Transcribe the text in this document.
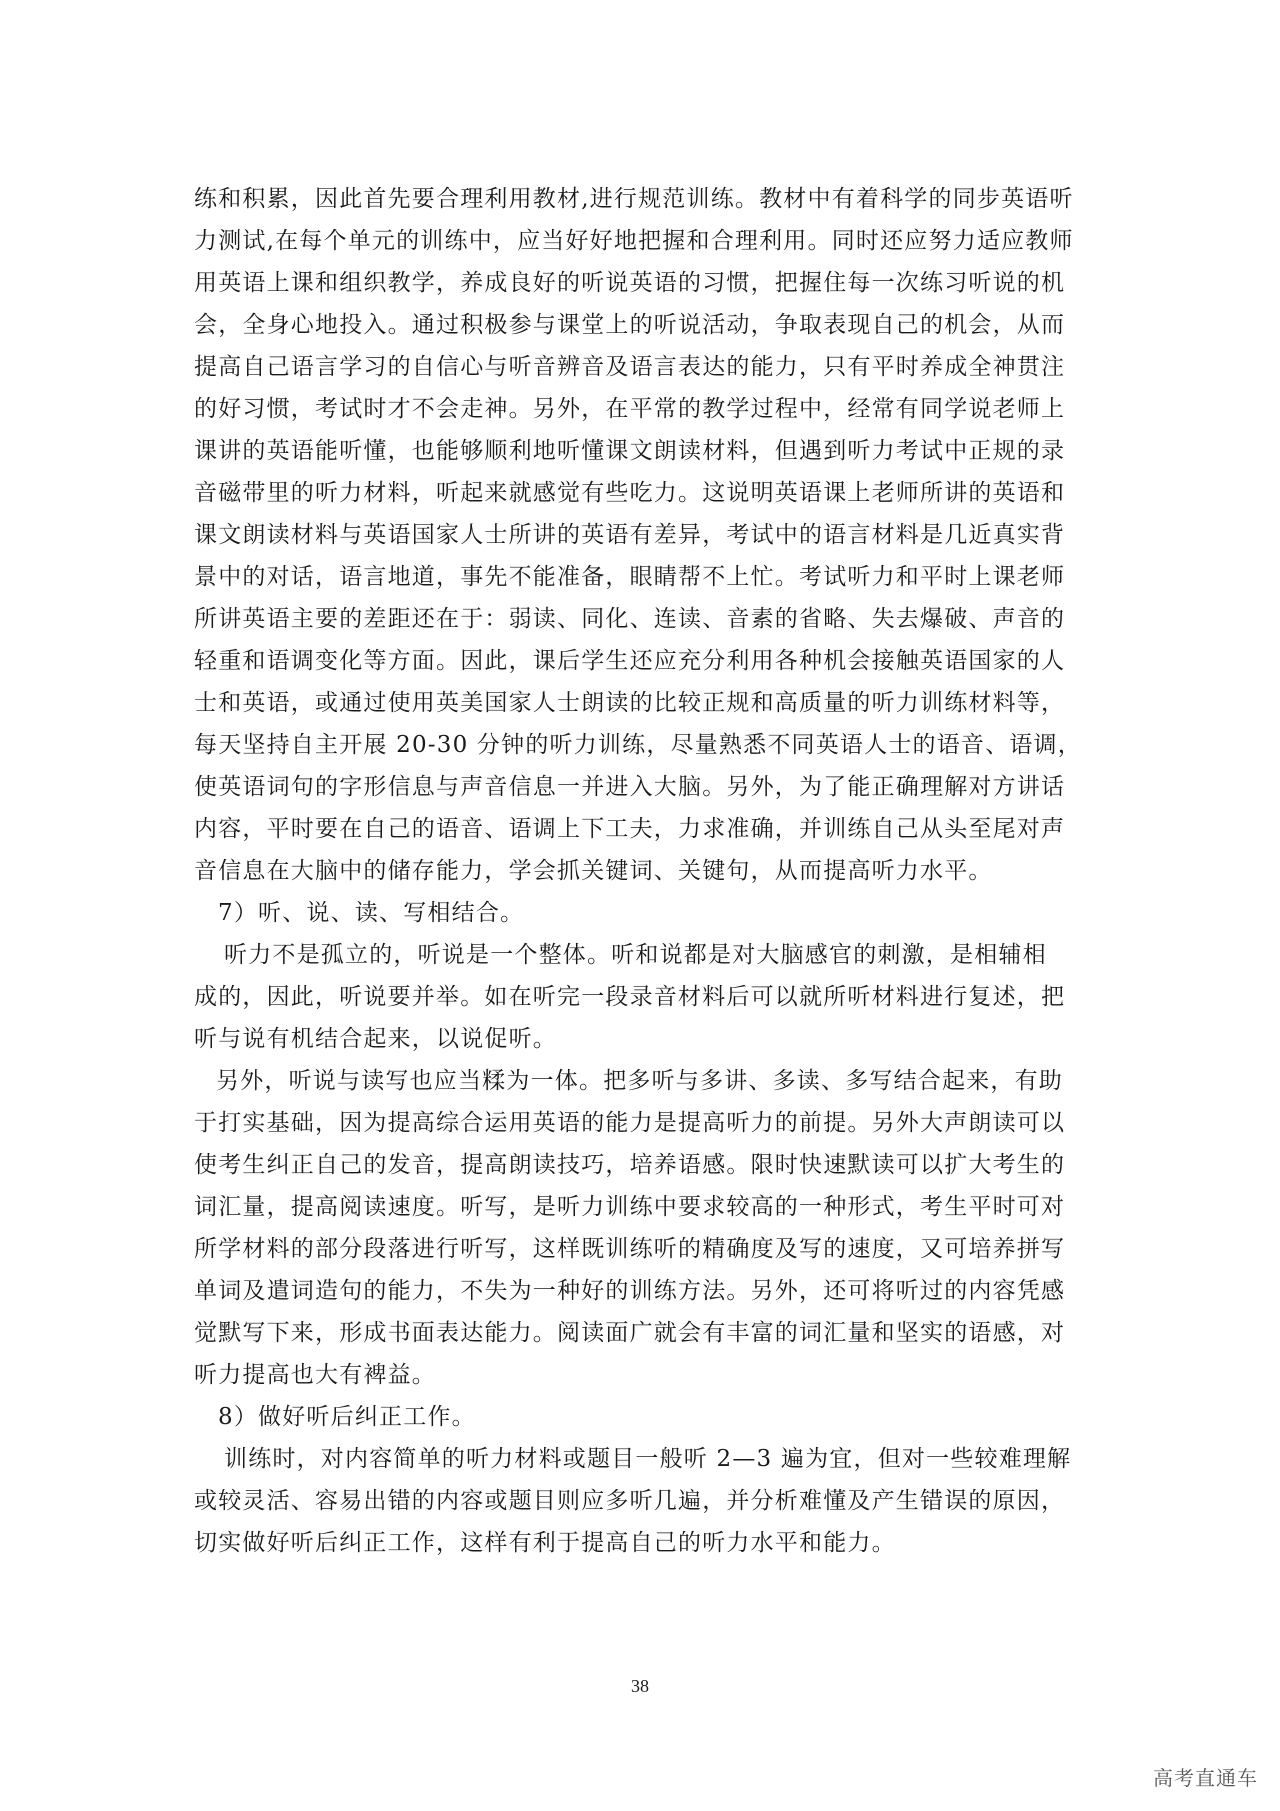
练和积累，因此首先要合理利用教材,进行规范训练。教材中有着科学的同步英语听
力测试,在每个单元的训练中，应当好好地把握和合理利用。同时还应努力适应教师
用英语上课和组织教学，养成良好的听说英语的习惯，把握住每一次练习听说的机
会，全身心地投入。通过积极参与课堂上的听说活动，争取表现自己的机会，从而
提高自己语言学习的自信心与听音辨音及语言表达的能力，只有平时养成全神贯注
的好习惯，考试时才不会走神。另外，在平常的教学过程中，经常有同学说老师上
课讲的英语能听懂，也能够顺利地听懂课文朗读材料，但遇到听力考试中正规的录
音磁带里的听力材料，听起来就感觉有些吃力。这说明英语课上老师所讲的英语和
课文朗读材料与英语国家人士所讲的英语有差异，考试中的语言材料是几近真实背
景中的对话，语言地道，事先不能准备，眼睛帮不上忙。考试听力和平时上课老师
所讲英语主要的差距还在于：弱读、同化、连读、音素的省略、失去爆破、声音的
轻重和语调变化等方面。因此，课后学生还应充分利用各种机会接触英语国家的人
士和英语，或通过使用英美国家人士朗读的比较正规和高质量的听力训练材料等，
每天坚持自主开展 20-30 分钟的听力训练，尽量熟悉不同英语人士的语音、语调，
使英语词句的字形信息与声音信息一并进入大脑。另外，为了能正确理解对方讲话
内容，平时要在自己的语音、语调上下工夫，力求准确，并训练自己从头至尾对声
音信息在大脑中的储存能力，学会抓关键词、关键句，从而提高听力水平。
7）听、说、读、写相结合。
听力不是孤立的，听说是一个整体。听和说都是对大脑感官的刺激，是相辅相
成的，因此，听说要并举。如在听完一段录音材料后可以就所听材料进行复述，把
听与说有机结合起来，以说促听。
另外，听说与读写也应当糅为一体。把多听与多讲、多读、多写结合起来，有助
于打实基础，因为提高综合运用英语的能力是提高听力的前提。另外大声朗读可以
使考生纠正自己的发音，提高朗读技巧，培养语感。限时快速默读可以扩大考生的
词汇量，提高阅读速度。听写，是听力训练中要求较高的一种形式，考生平时可对
所学材料的部分段落进行听写，这样既训练听的精确度及写的速度，又可培养拼写
单词及遣词造句的能力，不失为一种好的训练方法。另外，还可将听过的内容凭感
觉默写下来，形成书面表达能力。阅读面广就会有丰富的词汇量和坚实的语感，对
听力提高也大有裨益。
8）做好听后纠正工作。
训练时，对内容简单的听力材料或题目一般听 2—3 遍为宜，但对一些较难理解
或较灵活、容易出错的内容或题目则应多听几遍，并分析难懂及产生错误的原因，
切实做好听后纠正工作，这样有利于提高自己的听力水平和能力。
38
高考直通车
